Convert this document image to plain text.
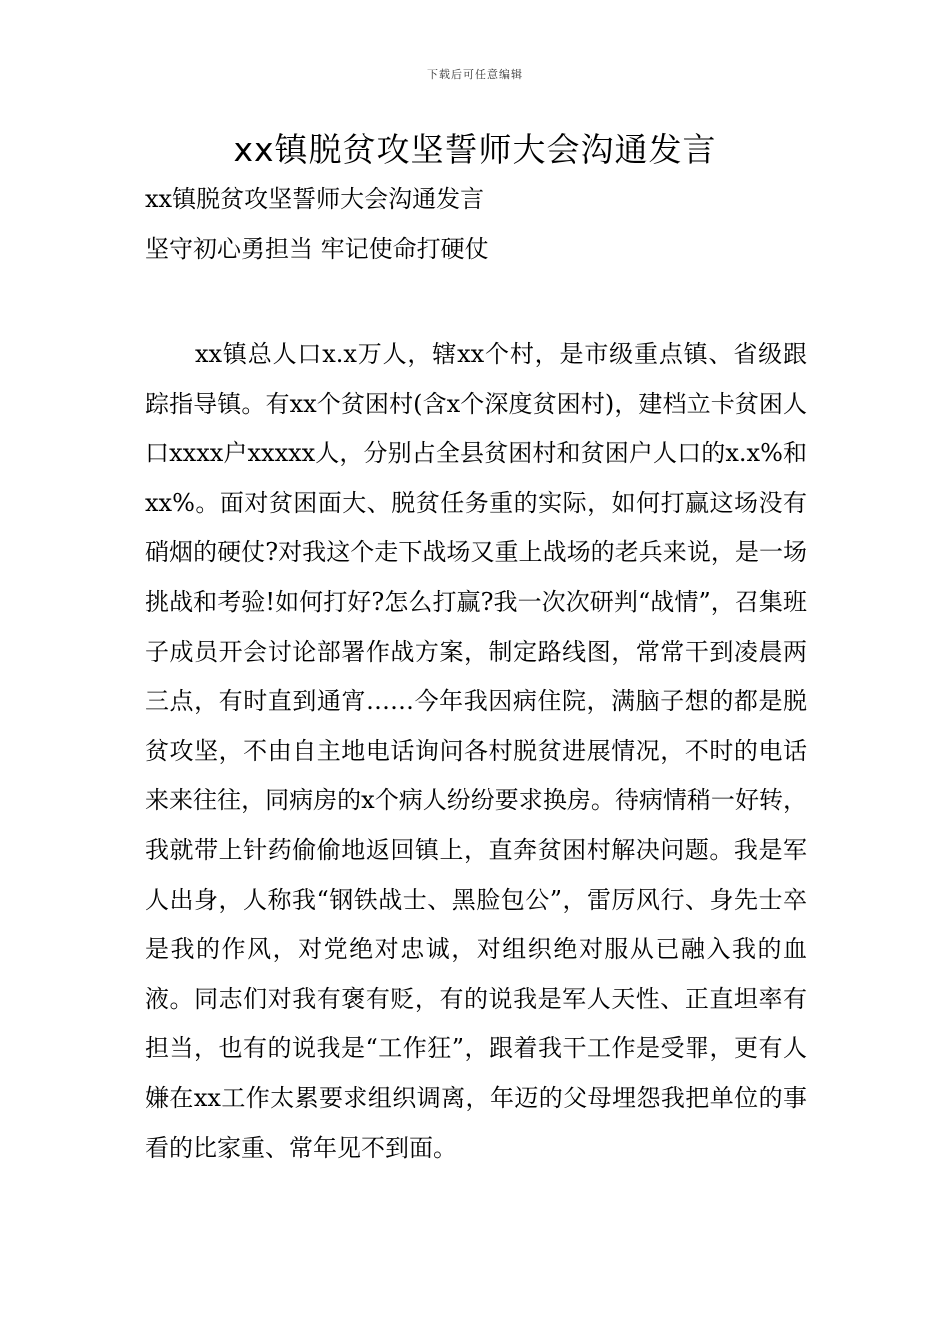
下载后可任意编辑
xx镇脱贫攻坚誓师大会沟通发言
xx镇脱贫攻坚誓师大会沟通发言
坚守初心勇担当 牢记使命打硬仗

xx镇总人口x.x万人，辖xx个村，是市级重点镇、省级跟踪指导镇。有xx个贫困村(含x个深度贫困村)，建档立卡贫困人口xxxx户xxxxx人，分别占全县贫困村和贫困户人口的x.x%和xx%。面对贫困面大、脱贫任务重的实际，如何打赢这场没有硝烟的硬仗?对我这个走下战场又重上战场的老兵来说，是一场挑战和考验!如何打好?怎么打赢?我一次次研判“战情”，召集班子成员开会讨论部署作战方案，制定路线图，常常干到凌晨两三点，有时直到通宵……今年我因病住院，满脑子想的都是脱贫攻坚，不由自主地电话询问各村脱贫进展情况，不时的电话来来往往，同病房的x个病人纷纷要求换房。待病情稍一好转，我就带上针药偷偷地返回镇上，直奔贫困村解决问题。我是军人出身，人称我“钢铁战士、黑脸包公”，雷厉风行、身先士卒是我的作风，对党绝对忠诚，对组织绝对服从已融入我的血液。同志们对我有褒有贬，有的说我是军人天性、正直坦率有担当，也有的说我是“工作狂”，跟着我干工作是受罪，更有人嫌在xx工作太累要求组织调离，年迈的父母埋怨我把单位的事看的比家重、常年见不到面。
